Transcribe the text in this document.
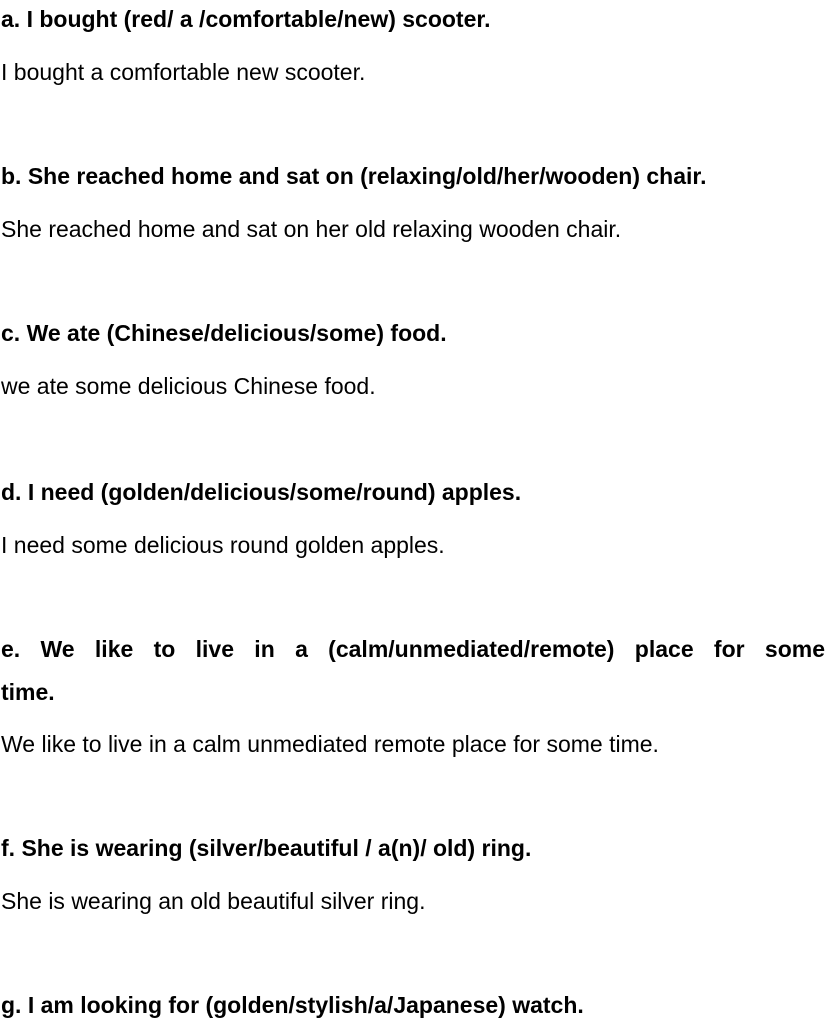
a. I bought (red/ a /comfortable/new) scooter.
I bought a comfortable new scooter.
b. She reached home and sat on (relaxing/old/her/wooden) chair.
She reached home and sat on her old relaxing wooden chair.
c. We ate (Chinese/delicious/some) food.
we ate some delicious Chinese food.
d. I need (golden/delicious/some/round) apples.
I need some delicious round golden apples.
e. We like to live in a (calm/unmediated/remote) place for some
time.
We like to live in a calm unmediated remote place for some time.
f. She is wearing (silver/beautiful / a(n)/ old) ring.
She is wearing an old beautiful silver ring.
g. I am looking for (golden/stylish/a/Japanese) watch.
